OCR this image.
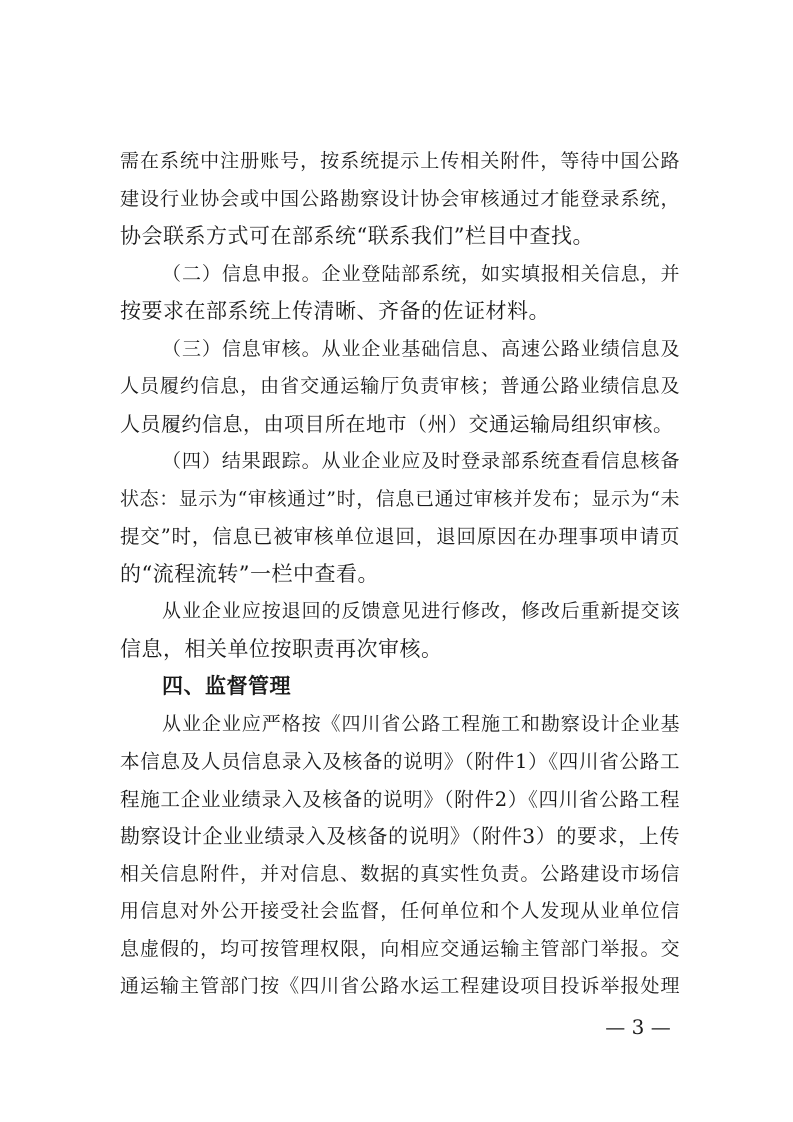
需在系统中注册账号，按系统提示上传相关附件，等待中国公路
建设行业协会或中国公路勘察设计协会审核通过才能登录系统，
协会联系方式可在部系统“联系我们”栏目中查找。
（二）信息申报。企业登陆部系统，如实填报相关信息，并
按要求在部系统上传清晰、齐备的佐证材料。
（三）信息审核。从业企业基础信息、高速公路业绩信息及
人员履约信息，由省交通运输厅负责审核；普通公路业绩信息及
人员履约信息，由项目所在地市（州）交通运输局组织审核。
（四）结果跟踪。从业企业应及时登录部系统查看信息核备
状态：显示为“审核通过”时，信息已通过审核并发布；显示为“未
提交”时，信息已被审核单位退回，退回原因在办理事项申请页
的“流程流转”一栏中查看。
从业企业应按退回的反馈意见进行修改，修改后重新提交该
信息，相关单位按职责再次审核。
四、监督管理
从业企业应严格按《四川省公路工程施工和勘察设计企业基
本信息及人员信息录入及核备的说明》（附件1）《四川省公路工
程施工企业业绩录入及核备的说明》（附件2）《四川省公路工程
勘察设计企业业绩录入及核备的说明》（附件3）的要求，上传
相关信息附件，并对信息、数据的真实性负责。公路建设市场信
用信息对外公开接受社会监督，任何单位和个人发现从业单位信
息虚假的，均可按管理权限，向相应交通运输主管部门举报。交
通运输主管部门按《四川省公路水运工程建设项目投诉举报处理
— 3 —
